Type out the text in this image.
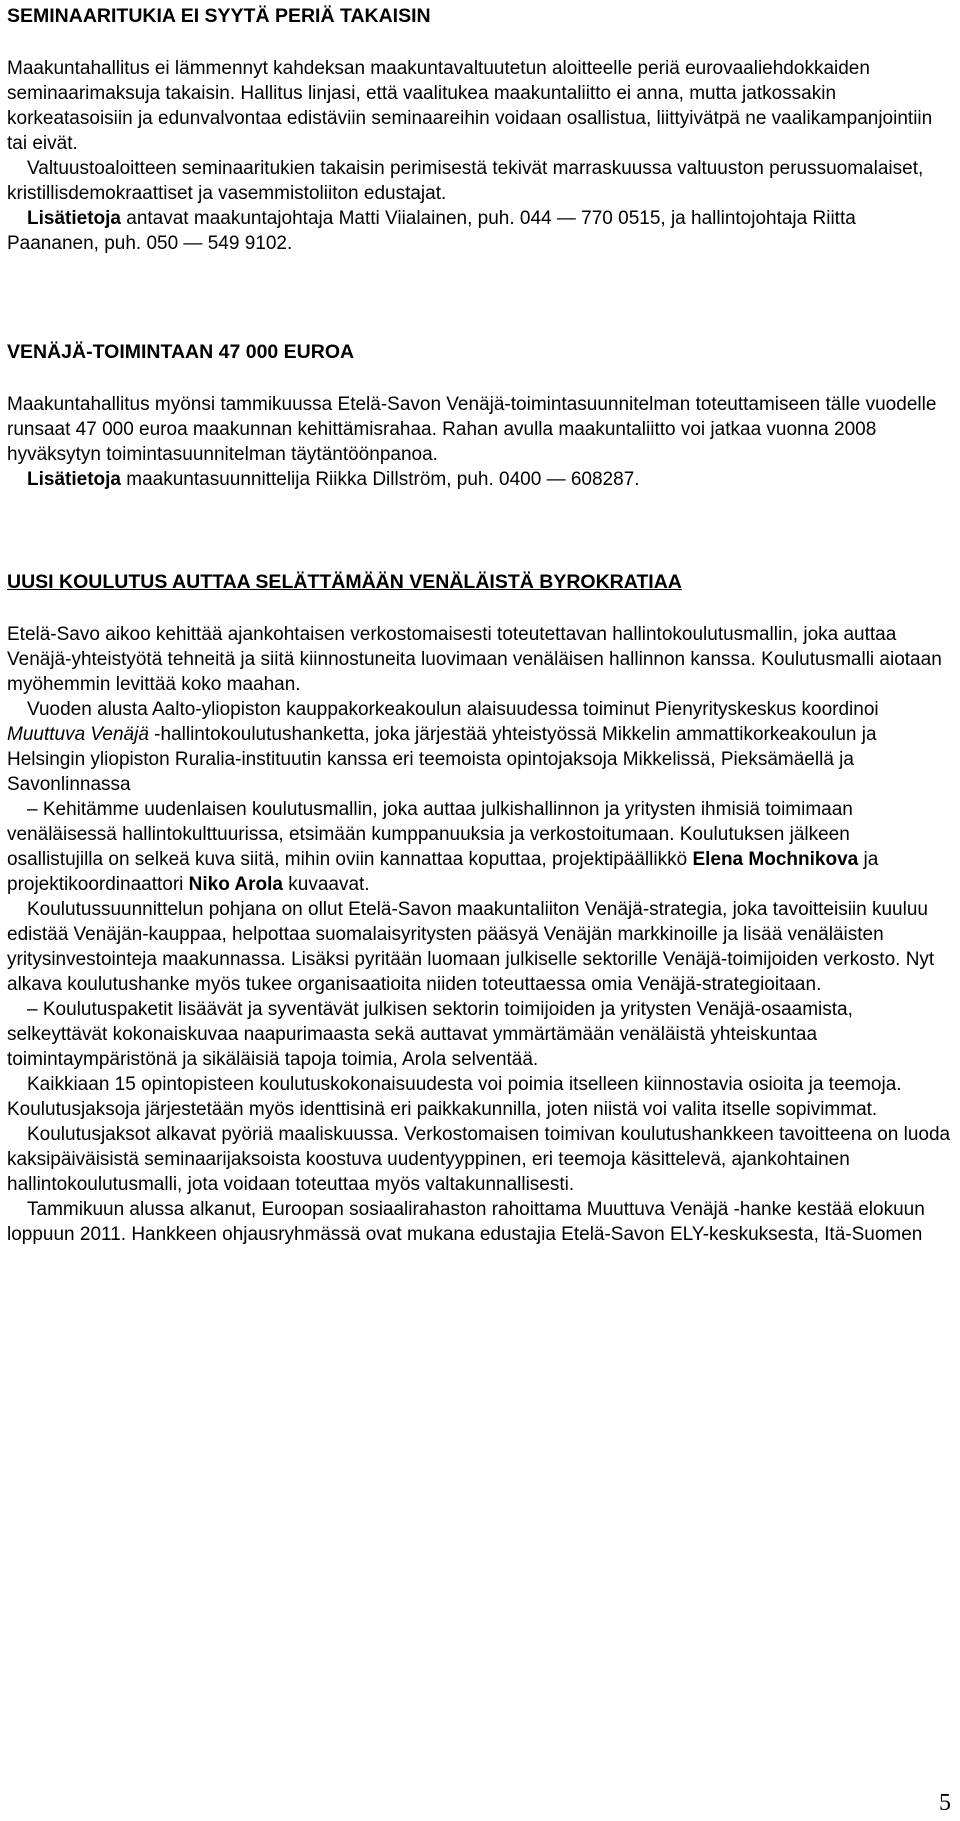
SEMINAARITUKIA EI SYYTÄ PERIÄ TAKAISIN

Maakuntahallitus ei lämmennyt kahdeksan maakuntavaltuutetun aloitteelle periä eurovaaliehdokkaiden seminaarimaksuja takaisin. Hallitus linjasi, että vaalitukea maakuntaliitto ei anna, mutta jatkossakin korkeatasoisiin ja edunvalvontaa edistäviin seminaareihin voidaan osallistua, liittyivätpä ne vaalikampanjointiin tai eivät.

Valtuustoaloitteen seminaaritukien takaisin perimisestä tekivät marraskuussa valtuuston perussuomalaiset, kristillisdemokraattiset ja vasemmistoliiton edustajat.

Lisätietoja antavat maakuntajohtaja Matti Viialainen, puh. 044 — 770 0515, ja hallintojohtaja Riitta Paananen, puh. 050 — 549 9102.

VENÄJÄ-TOIMINTAAN 47 000 EUROA

Maakuntahallitus myönsi tammikuussa Etelä-Savon Venäjä-toimintasuunnitelman toteuttamiseen tälle vuodelle runsaat 47 000 euroa maakunnan kehittämisrahaa. Rahan avulla maakuntaliitto voi jatkaa vuonna 2008 hyväksytyn toimintasuunnitelman täytäntöönpanoa.

Lisätietoja maakuntasuunnittelija Riikka Dillström, puh. 0400 — 608287.

UUSI KOULUTUS AUTTAA SELÄTTÄMÄÄN VENÄLÄISTÄ BYROKRATIAA

Etelä-Savo aikoo kehittää ajankohtaisen verkostomaisesti toteutettavan hallintokoulutusmallin, joka auttaa Venäjä-yhteistyötä tehneitä ja siitä kiinnostuneita luovimaan venäläisen hallinnon kanssa. Koulutusmalli aiotaan myöhemmin levittää koko maahan.

Vuoden alusta Aalto-yliopiston kauppakorkeakoulun alaisuudessa toiminut Pienyrityskeskus koordinoi Muuttuva Venäjä -hallintokoulutushanketta, joka järjestää yhteistyössä Mikkelin ammattikorkeakoulun ja Helsingin yliopiston Ruralia-instituutin kanssa eri teemoista opintojaksoja Mikkelissä, Pieksämäellä ja Savonlinnassa

– Kehitämme uudenlaisen koulutusmallin, joka auttaa julkishallinnon ja yritysten ihmisiä toimimaan venäläisessä hallintokulttuurissa, etsimään kumppanuuksia ja verkostoitumaan. Koulutuksen jälkeen osallistujilla on selkeä kuva siitä, mihin oviin kannattaa koputtaa, projektipäällikkö Elena Mochnikova ja projektikoordinaattori Niko Arola kuvaavat.

Koulutussuunnittelun pohjana on ollut Etelä-Savon maakuntaliiton Venäjä-strategia, joka tavoitteisiin kuuluu edistää Venäjän-kauppaa, helpottaa suomalaisyritysten pääsyä Venäjän markkinoille ja lisää venäläisten yritysinvestointeja maakunnassa. Lisäksi pyritään luomaan julkiselle sektorille Venäjä-toimijoiden verkosto. Nyt alkava koulutushanke myös tukee organisaatioita niiden toteuttaessa omia Venäjä-strategioitaan.

– Koulutuspaketit lisäävät ja syventävät julkisen sektorin toimijoiden ja yritysten Venäjä-osaamista, selkeyttävät kokonaiskuvaa naapurimaasta sekä auttavat ymmärtämään venäläistä yhteiskuntaa toimintaympäristönä ja sikäläisiä tapoja toimia, Arola selventää.

Kaikkiaan 15 opintopisteen koulutuskokonaisuudesta voi poimia itselleen kiinnostavia osioita ja teemoja. Koulutusjaksoja järjestetään myös identtisinä eri paikkakunnilla, joten niistä voi valita itselle sopivimmat.

Koulutusjaksot alkavat pyöriä maaliskuussa. Verkostomaisen toimivan koulutushankkeen tavoitteena on luoda kaksipäiväisistä seminaarijaksoista koostuva uudentyyppinen, eri teemoja käsittelevä, ajankohtainen hallintokoulutusmalli, jota voidaan toteuttaa myös valtakunnallisesti.

Tammikuun alussa alkanut, Euroopan sosiaalirahaston rahoittama Muuttuva Venäjä -hanke kestää elokuun loppuun 2011. Hankkeen ohjausryhmässä ovat mukana edustajia Etelä-Savon ELY-keskuksesta, Itä-Suomen

5
